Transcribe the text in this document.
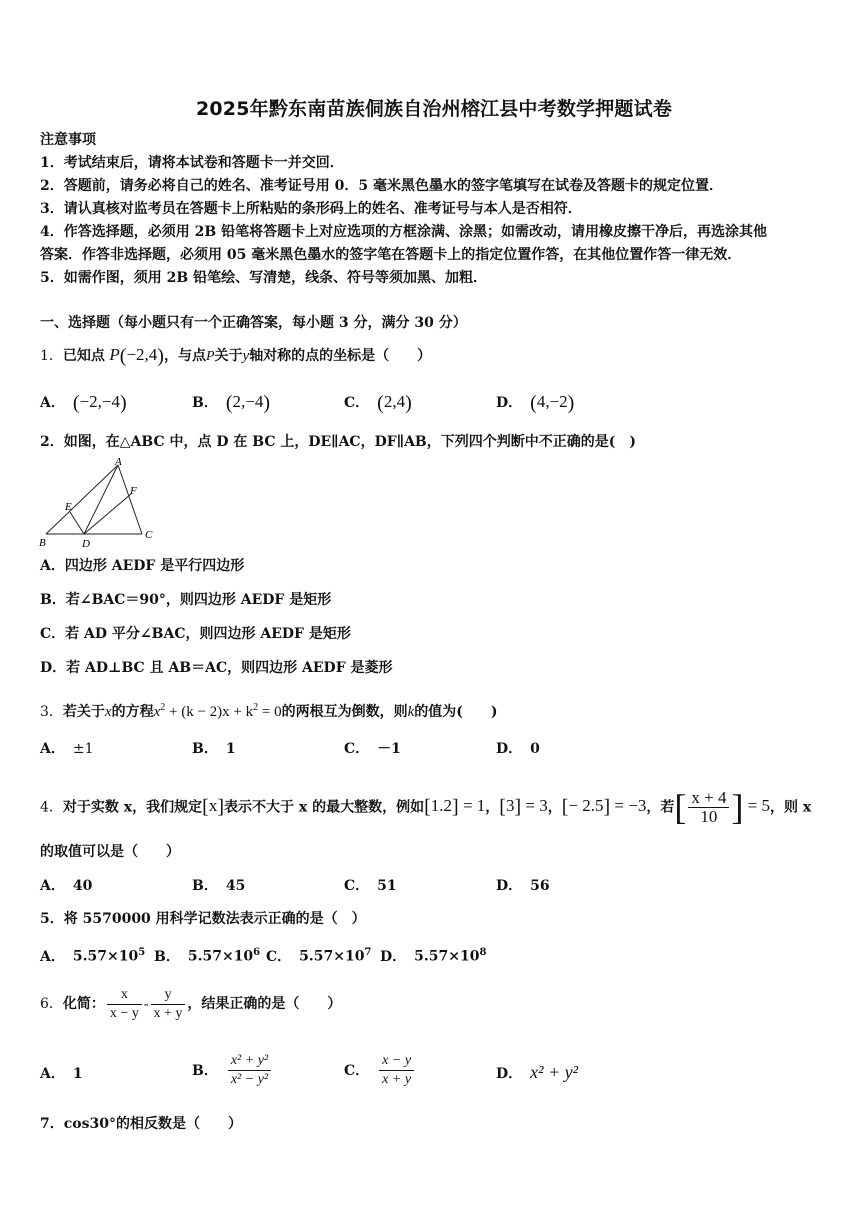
2025年黔东南苗族侗族自治州榕江县中考数学押题试卷
注意事项
1．考试结束后，请将本试卷和答题卡一并交回．
2．答题前，请务必将自己的姓名、准考证号用 0．5 毫米黑色墨水的签字笔填写在试卷及答题卡的规定位置．
3．请认真核对监考员在答题卡上所粘贴的条形码上的姓名、准考证号与本人是否相符．
4．作答选择题，必须用 2B 铅笔将答题卡上对应选项的方框涂满、涂黑；如需改动，请用橡皮擦干净后，再选涂其他
答案．作答非选择题，必须用 05 毫米黑色墨水的签字笔在答题卡上的指定位置作答，在其他位置作答一律无效．
5．如需作图，须用 2B 铅笔绘、写清楚，线条、符号等须加黑、加粗．
一、选择题（每小题只有一个正确答案，每小题 3 分，满分 30 分）
1．已知点 P(−2,4)，与点P关于y轴对称的点的坐标是（　　）
A． (−2,−4)	B． (2,−4)	C． (2,4)	D． (4,−2)
2．如图，在△ABC 中，点 D 在 BC 上，DE∥AC，DF∥AB，下列四个判断中不正确的是(　)
A
B
C
D
E
F
A．四边形 AEDF 是平行四边形
B．若∠BAC＝90°，则四边形 AEDF 是矩形
C．若 AD 平分∠BAC，则四边形 AEDF 是矩形
D．若 AD⊥BC 且 AB＝AC，则四边形 AEDF 是菱形
3．若关于x的方程$x^2 + (k - 2)x + k^2 = 0$的两根互为倒数，则k的值为(　　)
A． ±1	B． 1	C． －1	D． 0
4．对于实数 x，我们规定[x]表示不大于 x 的最大整数，例如[1.2] = 1，[3] = 3，[− 2.5] = −3，若[ $\frac{x + 4}{10}$ ] = 5，则 x
的取值可以是（　　）
A． 40	B． 45	C． 51	D． 56
5．将 5570000 用科学记数法表示正确的是（　）
A． $5.57\times 10^5$ B． $5.57\times 10^6$ C． $5.57\times 10^7$ D． $5.57\times 10^8$
6．化简： $\frac{x}{x - y} - \frac{y}{x + y}$ ，结果正确的是（　　）
A． 1	B． $\frac{\text{x² + y²}}{\text{x² − y²}}$	C． $\frac{x - y}{x + y}$	D． x² + y²
7．cos30°的相反数是（　　）
